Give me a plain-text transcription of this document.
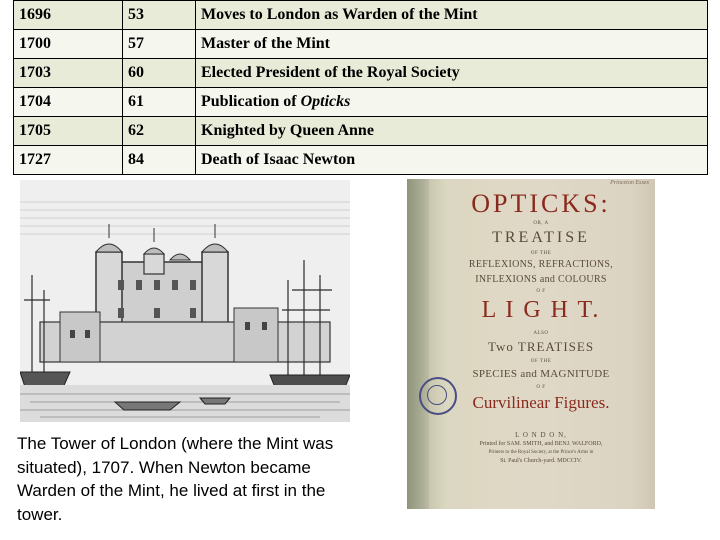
1696	53	Moves to London as Warden of the Mint
1700	57	Master of the Mint
1703	60	Elected President of the Royal Society
1704	61	Publication of Opticks
1705	62	Knighted by Queen Anne
1727	84	Death of Isaac Newton
The Tower of London (where the Mint was situated), 1707. When Newton became Warden of the Mint, he lived at first in the tower.
Princeton Essex
OPTICKS:
OR, A
TREATISE
OF THE
REFLEXIONS, REFRACTIONS,
INFLEXIONS and COLOURS
O F
L I G H T.
ALSO
Two TREATISES
OF THE
SPECIES and MAGNITUDE
O F
Curvilinear Figures.
L O N D O N,
Printed for SAM. SMITH, and BENJ. WALFORD,
Printers to the Royal Society, at the Prince's Arms in
St. Paul's Church-yard. MDCCIV.
